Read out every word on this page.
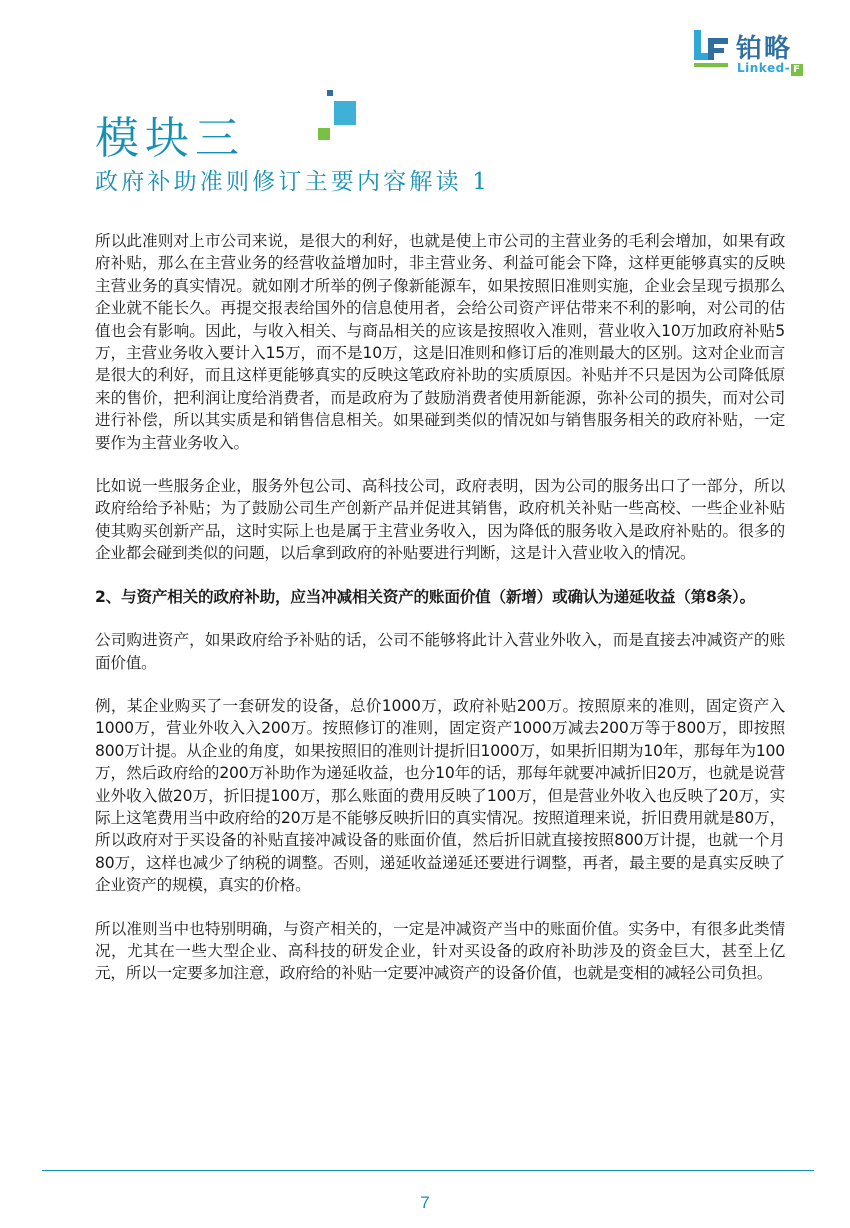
铂略
Linked- F
模块三
政府补助准则修订主要内容解读 1

所以此准则对上市公司来说，是很大的利好，也就是使上市公司的主营业务的毛利会增加，如果有政府补贴，那么在主营业务的经营收益增加时，非主营业务、利益可能会下降，这样更能够真实的反映主营业务的真实情况。就如刚才所举的例子像新能源车，如果按照旧准则实施，企业会呈现亏损那么企业就不能长久。再提交报表给国外的信息使用者，会给公司资产评估带来不利的影响，对公司的估值也会有影响。因此，与收入相关、与商品相关的应该是按照收入准则，营业收入10万加政府补贴5万，主营业务收入要计入15万，而不是10万，这是旧准则和修订后的准则最大的区别。这对企业而言是很大的利好，而且这样更能够真实的反映这笔政府补助的实质原因。补贴并不只是因为公司降低原来的售价，把利润让度给消费者，而是政府为了鼓励消费者使用新能源，弥补公司的损失，而对公司进行补偿，所以其实质是和销售信息相关。如果碰到类似的情况如与销售服务相关的政府补贴，一定要作为主营业务收入。

比如说一些服务企业，服务外包公司、高科技公司，政府表明，因为公司的服务出口了一部分，所以政府给给予补贴；为了鼓励公司生产创新产品并促进其销售，政府机关补贴一些高校、一些企业补贴使其购买创新产品，这时实际上也是属于主营业务收入，因为降低的服务收入是政府补贴的。很多的企业都会碰到类似的问题，以后拿到政府的补贴要进行判断，这是计入营业收入的情况。

2、与资产相关的政府补助，应当冲减相关资产的账面价值（新增）或确认为递延收益（第8条）。

公司购进资产，如果政府给予补贴的话，公司不能够将此计入营业外收入，而是直接去冲减资产的账面价值。

例，某企业购买了一套研发的设备，总价1000万，政府补贴200万。按照原来的准则，固定资产入1000万，营业外收入入200万。按照修订的准则，固定资产1000万减去200万等于800万，即按照800万计提。从企业的角度，如果按照旧的准则计提折旧1000万，如果折旧期为10年，那每年为100万，然后政府给的200万补助作为递延收益，也分10年的话，那每年就要冲减折旧20万，也就是说营业外收入做20万，折旧提100万，那么账面的费用反映了100万，但是营业外收入也反映了20万，实际上这笔费用当中政府给的20万是不能够反映折旧的真实情况。按照道理来说，折旧费用就是80万，所以政府对于买设备的补贴直接冲减设备的账面价值，然后折旧就直接按照800万计提，也就一个月80万，这样也减少了纳税的调整。否则，递延收益递延还要进行调整，再者，最主要的是真实反映了企业资产的规模，真实的价格。

所以准则当中也特别明确，与资产相关的，一定是冲减资产当中的账面价值。实务中，有很多此类情况，尤其在一些大型企业、高科技的研发企业，针对买设备的政府补助涉及的资金巨大，甚至上亿元，所以一定要多加注意，政府给的补贴一定要冲减资产的设备价值，也就是变相的减轻公司负担。

7
